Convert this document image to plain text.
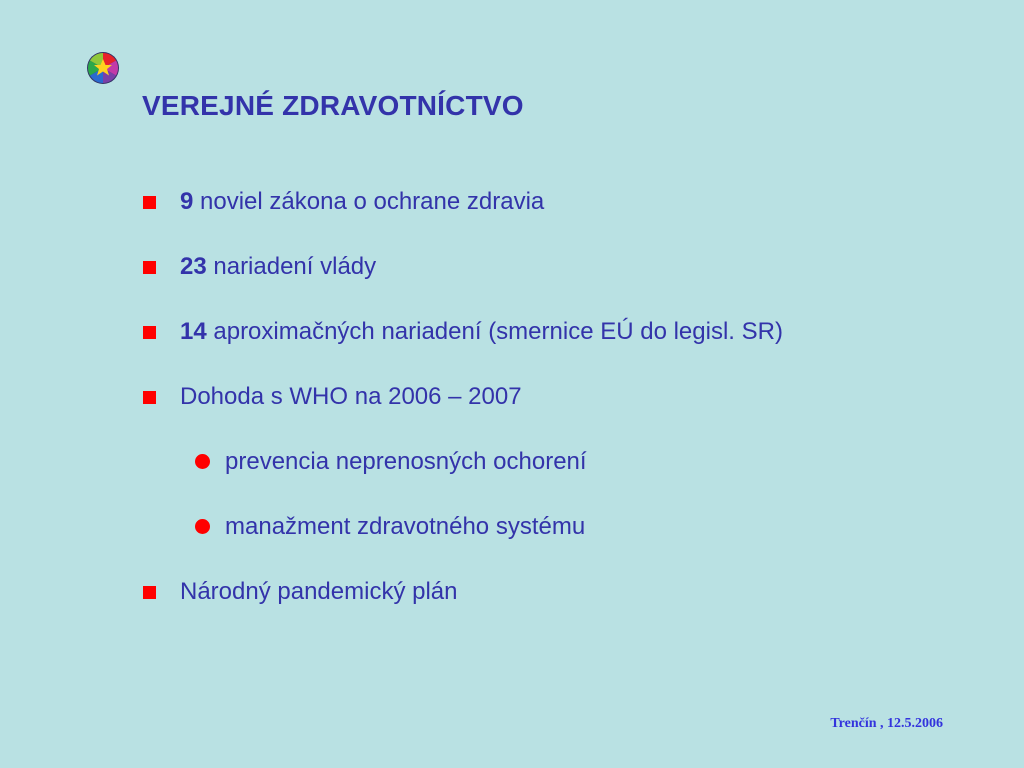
VEREJNÉ ZDRAVOTNÍCTVO
9 noviel zákona o ochrane zdravia
23 nariadení vlády
14 aproximačných nariadení (smernice EÚ do legisl. SR)
Dohoda s WHO na 2006 – 2007
prevencia neprenosných ochorení
manažment zdravotného systému
Národný pandemický plán
Trenčín , 12.5.2006
